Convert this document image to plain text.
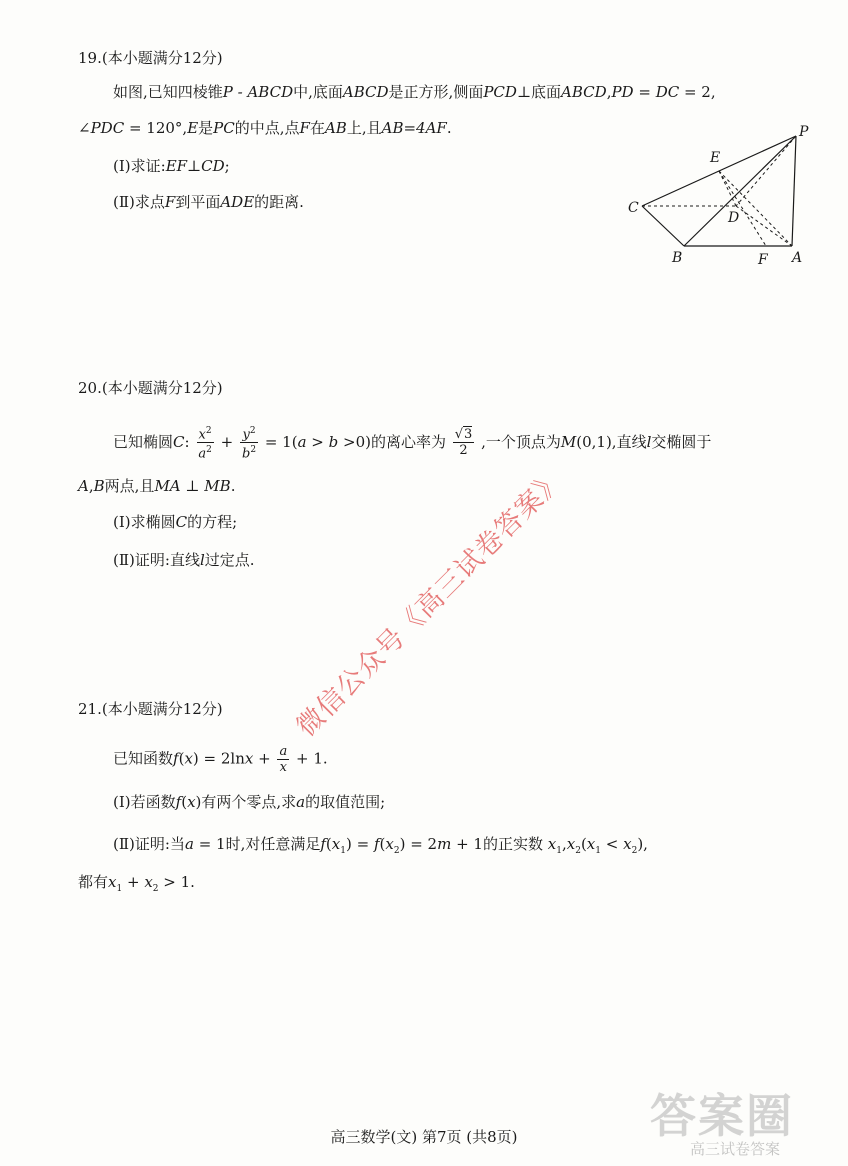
19.(本小题满分12分)
如图,已知四棱锥P - ABCD中,底面ABCD是正方形,侧面PCD⊥底面ABCD,PD = DC = 2,
∠PDC = 120°,E是PC的中点,点F在AB上,且AB=4AF.
(Ⅰ)求证:EF⊥CD;
(Ⅱ)求点F到平面ADE的距离.
P
E
C
D
B	F A
20.(本小题满分12分)
已知椭圆C: $\frac{x^2}{a^2} + \frac{y^2}{b^2} = 1(a > b >0)$的离心率为 $\frac{√3}{2}$ ,一个顶点为M(0,1),直线l交椭圆于
A,B两点,且MA ⊥ MB.
(Ⅰ)求椭圆C的方程;
(Ⅱ)证明:直线l过定点.
21.(本小题满分12分)
已知函数$f(x) = 2\ln x + \frac{a}{x} + 1$.
(Ⅰ)若函数f(x)有两个零点,求a的取值范围;
(Ⅱ)证明:当a = 1时,对任意满足$f(x_1) = f(x_2) = 2m + 1$的正实数 $x_1,x_2(x_1 < x_2)$,
都有$x_1 + x_2 > 1$.
微信公众号《高三试卷答案》
答案圈
高三试卷答案
高三数学(文) 第7页 (共8页)
